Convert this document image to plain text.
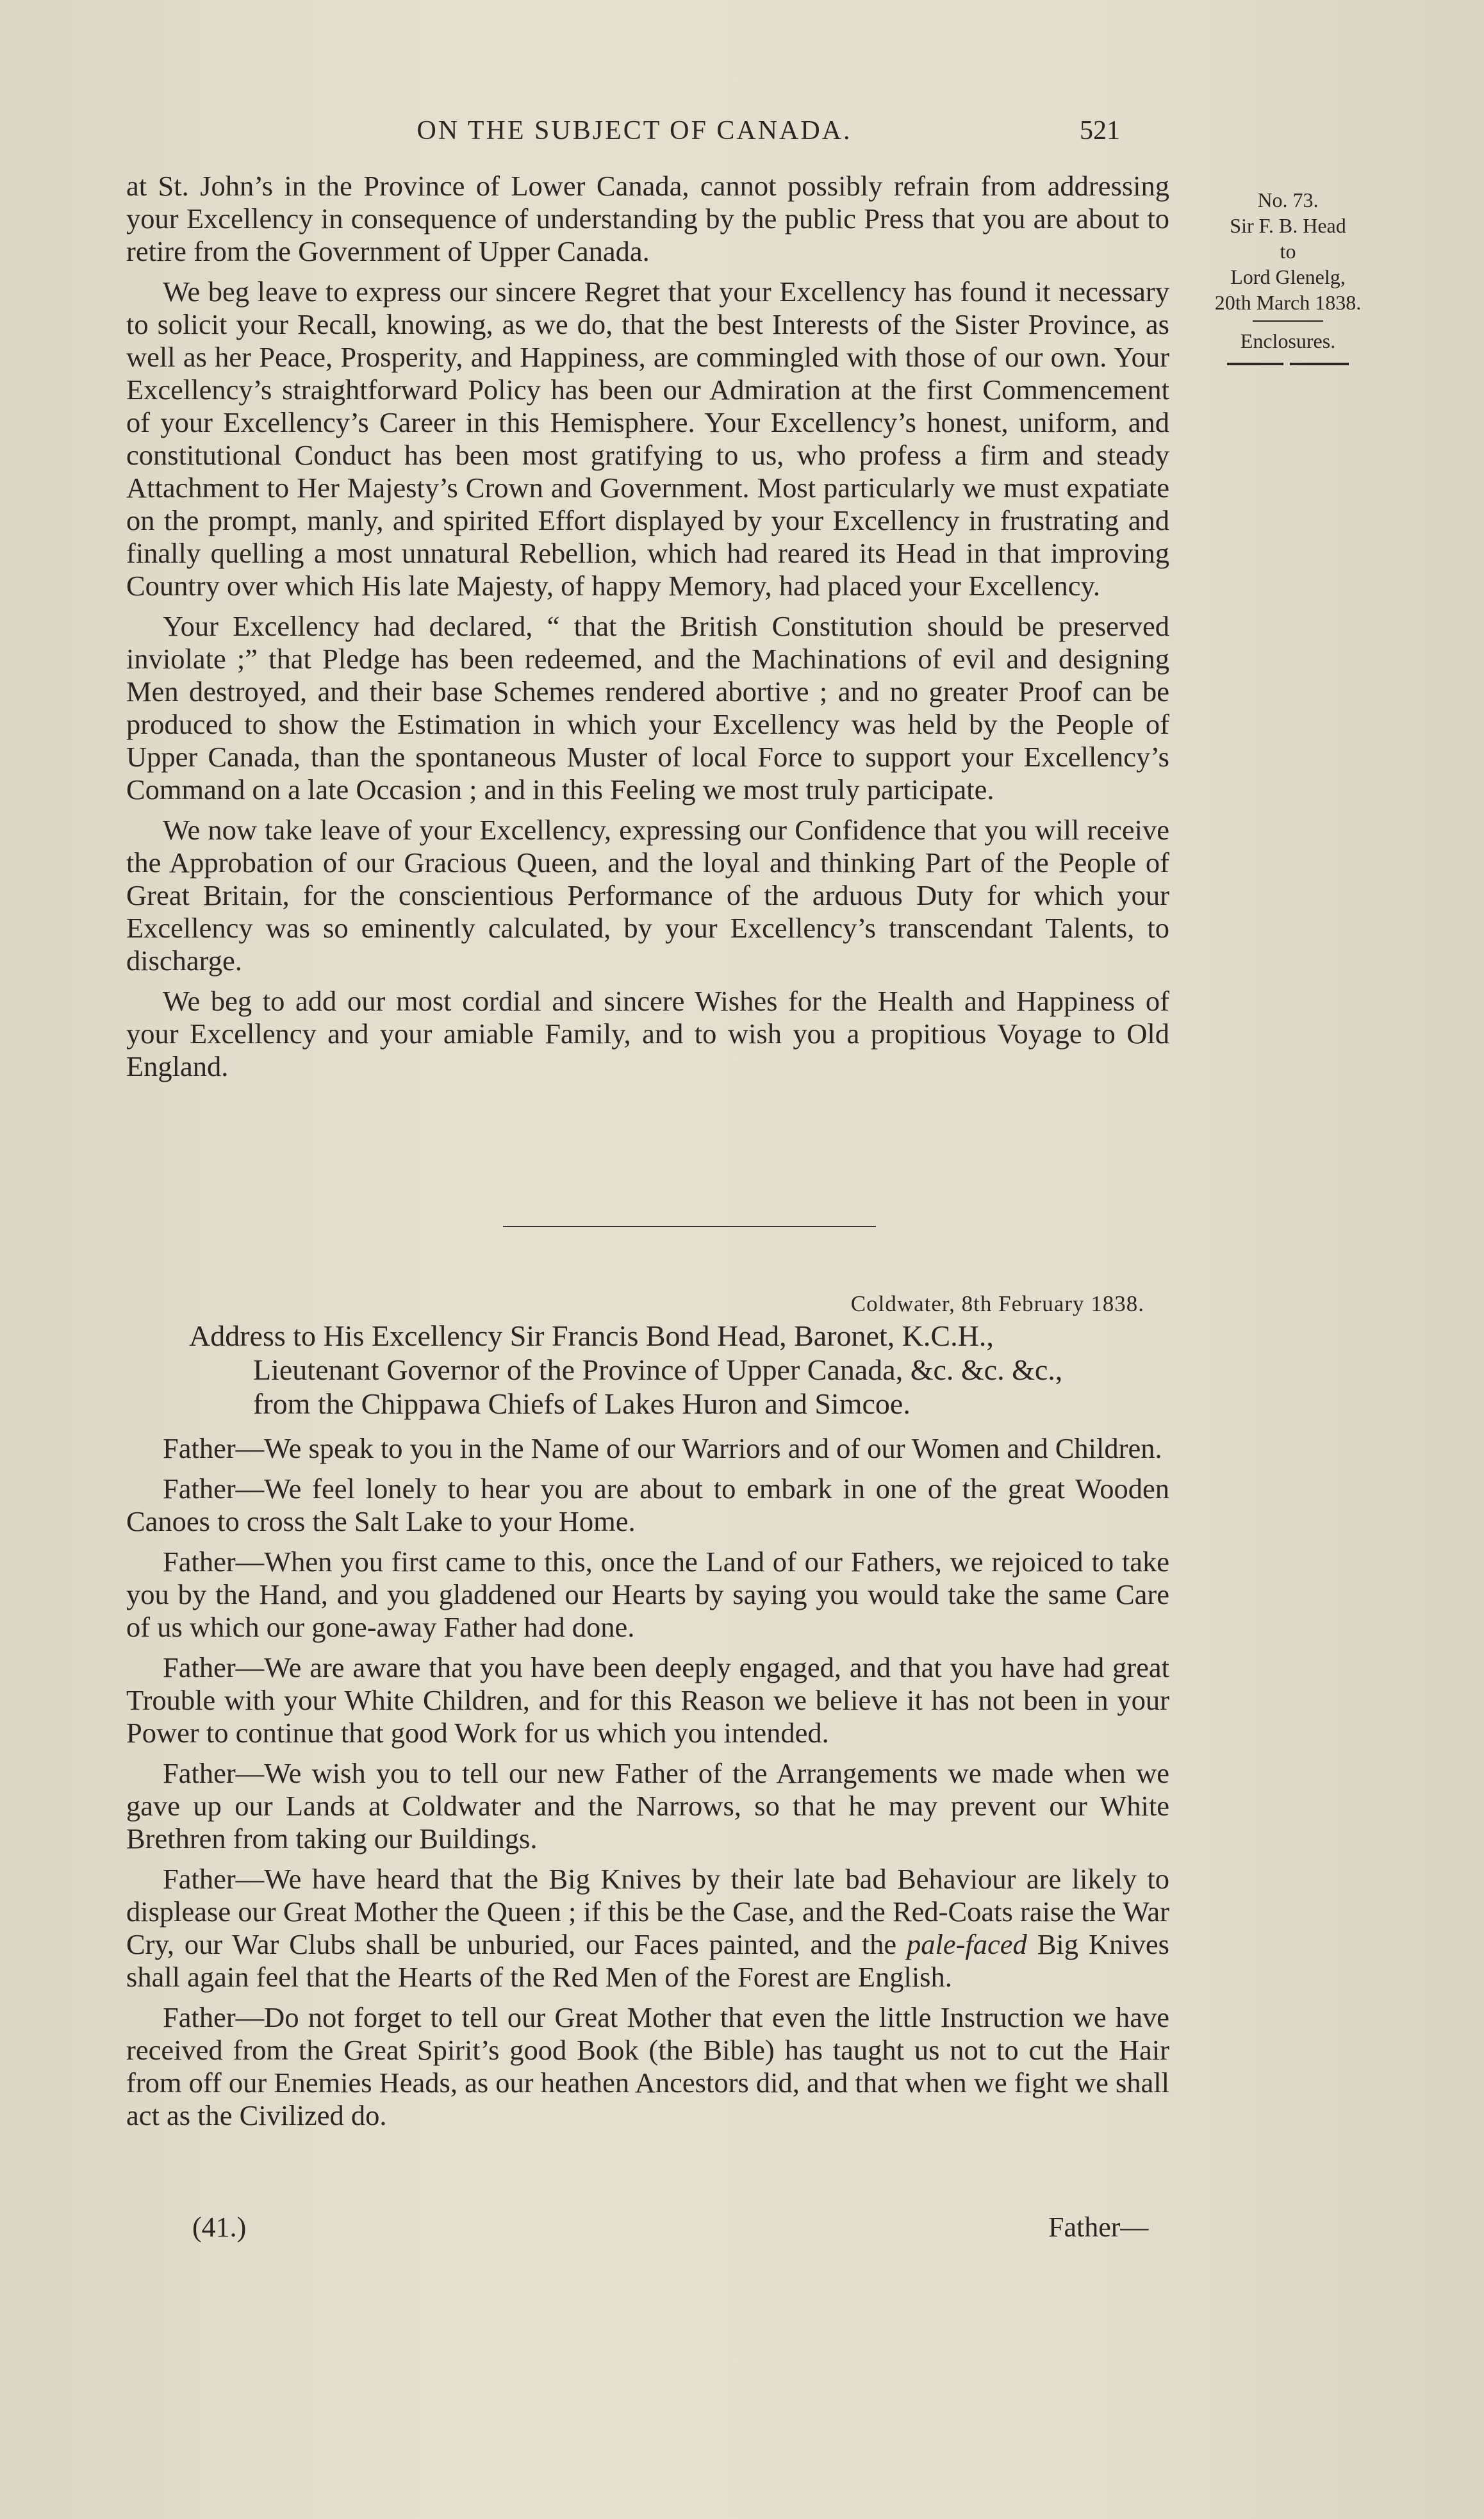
ON THE SUBJECT OF CANADA.	521
No. 73.
Sir F. B. Head
to
Lord Glenelg,
20th March 1838.
Enclosures.

at St. John’s in the Province of Lower Canada, cannot possibly refrain from addressing your Excellency in consequence of understanding by the public Press that you are about to retire from the Government of Upper Canada.

We beg leave to express our sincere Regret that your Excellency has found it necessary to solicit your Recall, knowing, as we do, that the best Interests of the Sister Province, as well as her Peace, Prosperity, and Happiness, are commingled with those of our own. Your Excellency’s straightforward Policy has been our Admiration at the first Commencement of your Excellency’s Career in this Hemisphere. Your Excellency’s honest, uniform, and constitutional Conduct has been most gratifying to us, who profess a firm and steady Attachment to Her Majesty’s Crown and Government. Most particularly we must expatiate on the prompt, manly, and spirited Effort displayed by your Excellency in frustrating and finally quelling a most unnatural Rebellion, which had reared its Head in that improving Country over which His late Majesty, of happy Memory, had placed your Excellency.

Your Excellency had declared, “ that the British Constitution should be preserved inviolate ;” that Pledge has been redeemed, and the Machinations of evil and designing Men destroyed, and their base Schemes rendered abortive ; and no greater Proof can be produced to show the Estimation in which your Excellency was held by the People of Upper Canada, than the spontaneous Muster of local Force to support your Excellency’s Command on a late Occasion ; and in this Feeling we most truly participate.

We now take leave of your Excellency, expressing our Confidence that you will receive the Approbation of our Gracious Queen, and the loyal and thinking Part of the People of Great Britain, for the conscientious Performance of the arduous Duty for which your Excellency was so eminently calculated, by your Excellency’s transcendant Talents, to discharge.

We beg to add our most cordial and sincere Wishes for the Health and Happiness of your Excellency and your amiable Family, and to wish you a propitious Voyage to Old England.

Coldwater, 8th February 1838.
Address to His Excellency Sir Francis Bond Head, Baronet, K.C.H.,
Lieutenant Governor of the Province of Upper Canada, &c. &c. &c.,
from the Chippawa Chiefs of Lakes Huron and Simcoe.

Father—We speak to you in the Name of our Warriors and of our Women and Children.

Father—We feel lonely to hear you are about to embark in one of the great Wooden Canoes to cross the Salt Lake to your Home.

Father—When you first came to this, once the Land of our Fathers, we rejoiced to take you by the Hand, and you gladdened our Hearts by saying you would take the same Care of us which our gone-away Father had done.

Father—We are aware that you have been deeply engaged, and that you have had great Trouble with your White Children, and for this Reason we believe it has not been in your Power to continue that good Work for us which you intended.

Father—We wish you to tell our new Father of the Arrangements we made when we gave up our Lands at Coldwater and the Narrows, so that he may prevent our White Brethren from taking our Buildings.

Father—We have heard that the Big Knives by their late bad Behaviour are likely to displease our Great Mother the Queen ; if this be the Case, and the Red-Coats raise the War Cry, our War Clubs shall be unburied, our Faces painted, and the pale-faced Big Knives shall again feel that the Hearts of the Red Men of the Forest are English.

Father—Do not forget to tell our Great Mother that even the little Instruction we have received from the Great Spirit’s good Book (the Bible) has taught us not to cut the Hair from off our Enemies Heads, as our heathen Ancestors did, and that when we fight we shall act as the Civilized do.

(41.)	Father—
